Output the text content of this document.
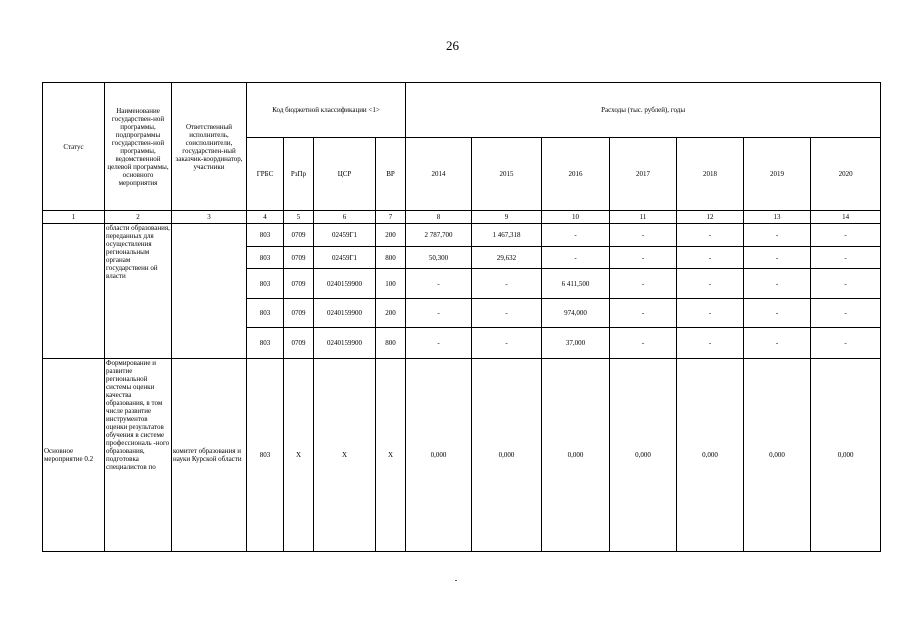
26
Статус	Наименование государствен-ной программы, подпрограммы государствен-ной программы, ведомственной целевой программы, основного мероприятия	Ответственный исполнитель, соисполнители, государствен-ный заказчик-координатор, участники	Код бюджетной классификации <1>				Расходы (тыс. рублей), годы						
			ГРБС	РзПр	ЦСР	ВР	2014	2015	2016	2017	2018	2019	2020
1	2	3	4	5	6	7	8	9	10	11	12	13	14
	области образования, переданных для осуществления региональным органам государственн ой власти		803	0709	02459Г1	200	2 787,700	1 467,318	-	-	-	-	-
			803	0709	02459Г1	800	50,300	29,632	-	-	-	-	-
			803	0709	0240159900	100	-	-	6 411,500	-	-	-	-
			803	0709	0240159900	200	-	-	974,000	-	-	-	-
			803	0709	0240159900	800	-	-	37,000	-	-	-	-
Основное мероприятие 0.2	Формирование и развитие региональной системы оценки качества образования, в том числе развитие инструментов оценки результатов обучения в системе профессиональ -ного образования, подготовка специалистов по	комитет образования и науки Курской области	803	X	X	X	0,000	0,000	0,000	0,000	0,000	0,000	0,000
